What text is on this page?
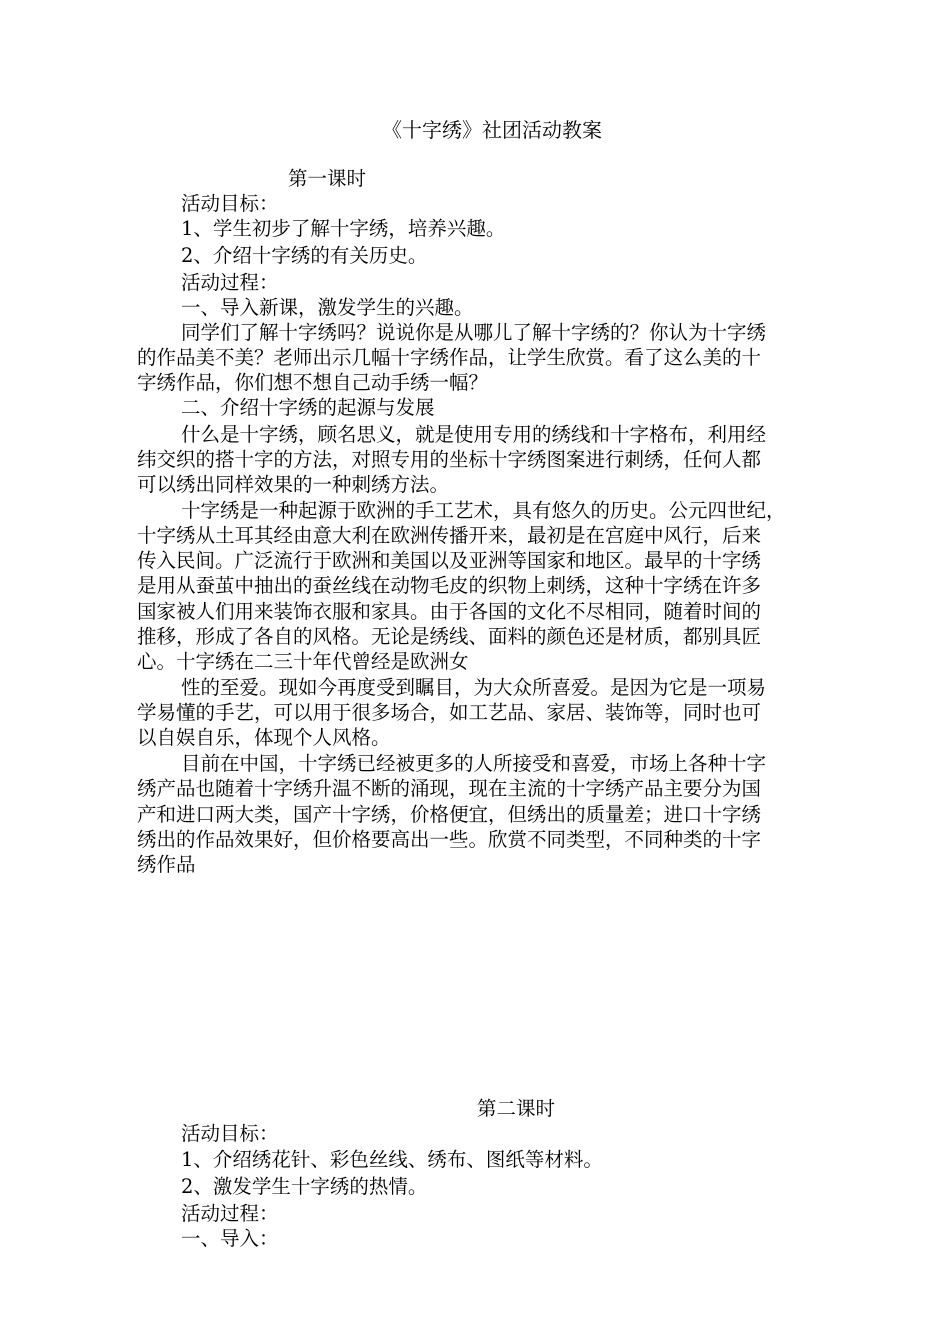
《十字绣》社团活动教案

第一课时

活动目标：

1、学生初步了解十字绣，培养兴趣。

2、介绍十字绣的有关历史。

活动过程：

一、导入新课，激发学生的兴趣。

同学们了解十字绣吗？说说你是从哪儿了解十字绣的？你认为十字绣

的作品美不美？老师出示几幅十字绣作品，让学生欣赏。看了这么美的十

字绣作品，你们想不想自己动手绣一幅？

二、介绍十字绣的起源与发展

什么是十字绣，顾名思义，就是使用专用的绣线和十字格布，利用经

纬交织的搭十字的方法，对照专用的坐标十字绣图案进行刺绣，任何人都

可以绣出同样效果的一种刺绣方法。

十字绣是一种起源于欧洲的手工艺术，具有悠久的历史。公元四世纪，

十字绣从土耳其经由意大利在欧洲传播开来，最初是在宫庭中风行，后来

传入民间。广泛流行于欧洲和美国以及亚洲等国家和地区。最早的十字绣

是用从蚕茧中抽出的蚕丝线在动物毛皮的织物上刺绣，这种十字绣在许多

国家被人们用来装饰衣服和家具。由于各国的文化不尽相同，随着时间的

推移，形成了各自的风格。无论是绣线、面料的颜色还是材质，都别具匠

心。十字绣在二三十年代曾经是欧洲女

性的至爱。现如今再度受到瞩目，为大众所喜爱。是因为它是一项易

学易懂的手艺，可以用于很多场合，如工艺品、家居、装饰等，同时也可

以自娱自乐，体现个人风格。

目前在中国，十字绣已经被更多的人所接受和喜爱，市场上各种十字

绣产品也随着十字绣升温不断的涌现，现在主流的十字绣产品主要分为国

产和进口两大类，国产十字绣，价格便宜，但绣出的质量差；进口十字绣

绣出的作品效果好，但价格要高出一些。欣赏不同类型，不同种类的十字

绣作品

第二课时

活动目标：

1、介绍绣花针、彩色丝线、绣布、图纸等材料。

2、激发学生十字绣的热情。

活动过程：

一、导入：
